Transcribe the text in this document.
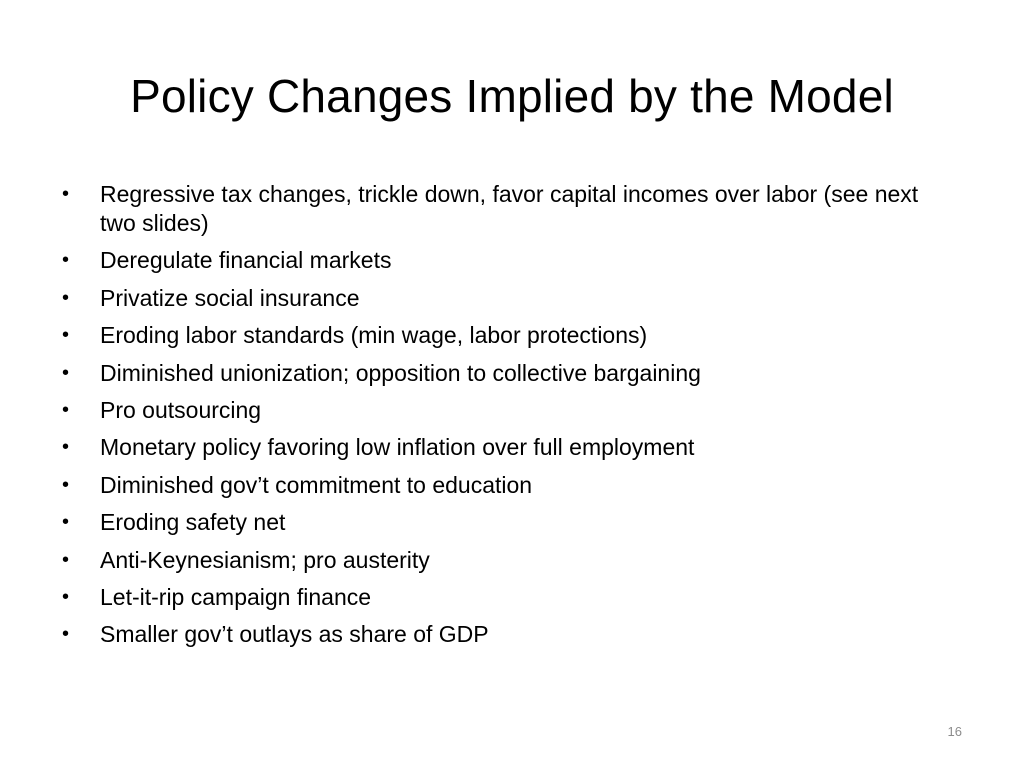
Policy Changes Implied by the Model
• Regressive tax changes, trickle down, favor capital incomes over labor (see next two slides)
• Deregulate financial markets
• Privatize social insurance
• Eroding labor standards (min wage, labor protections)
• Diminished unionization; opposition to collective bargaining
• Pro outsourcing
• Monetary policy favoring low inflation over full employment
• Diminished gov’t commitment to education
• Eroding safety net
• Anti-Keynesianism; pro austerity
• Let-it-rip campaign finance
• Smaller gov’t outlays as share of GDP
16
